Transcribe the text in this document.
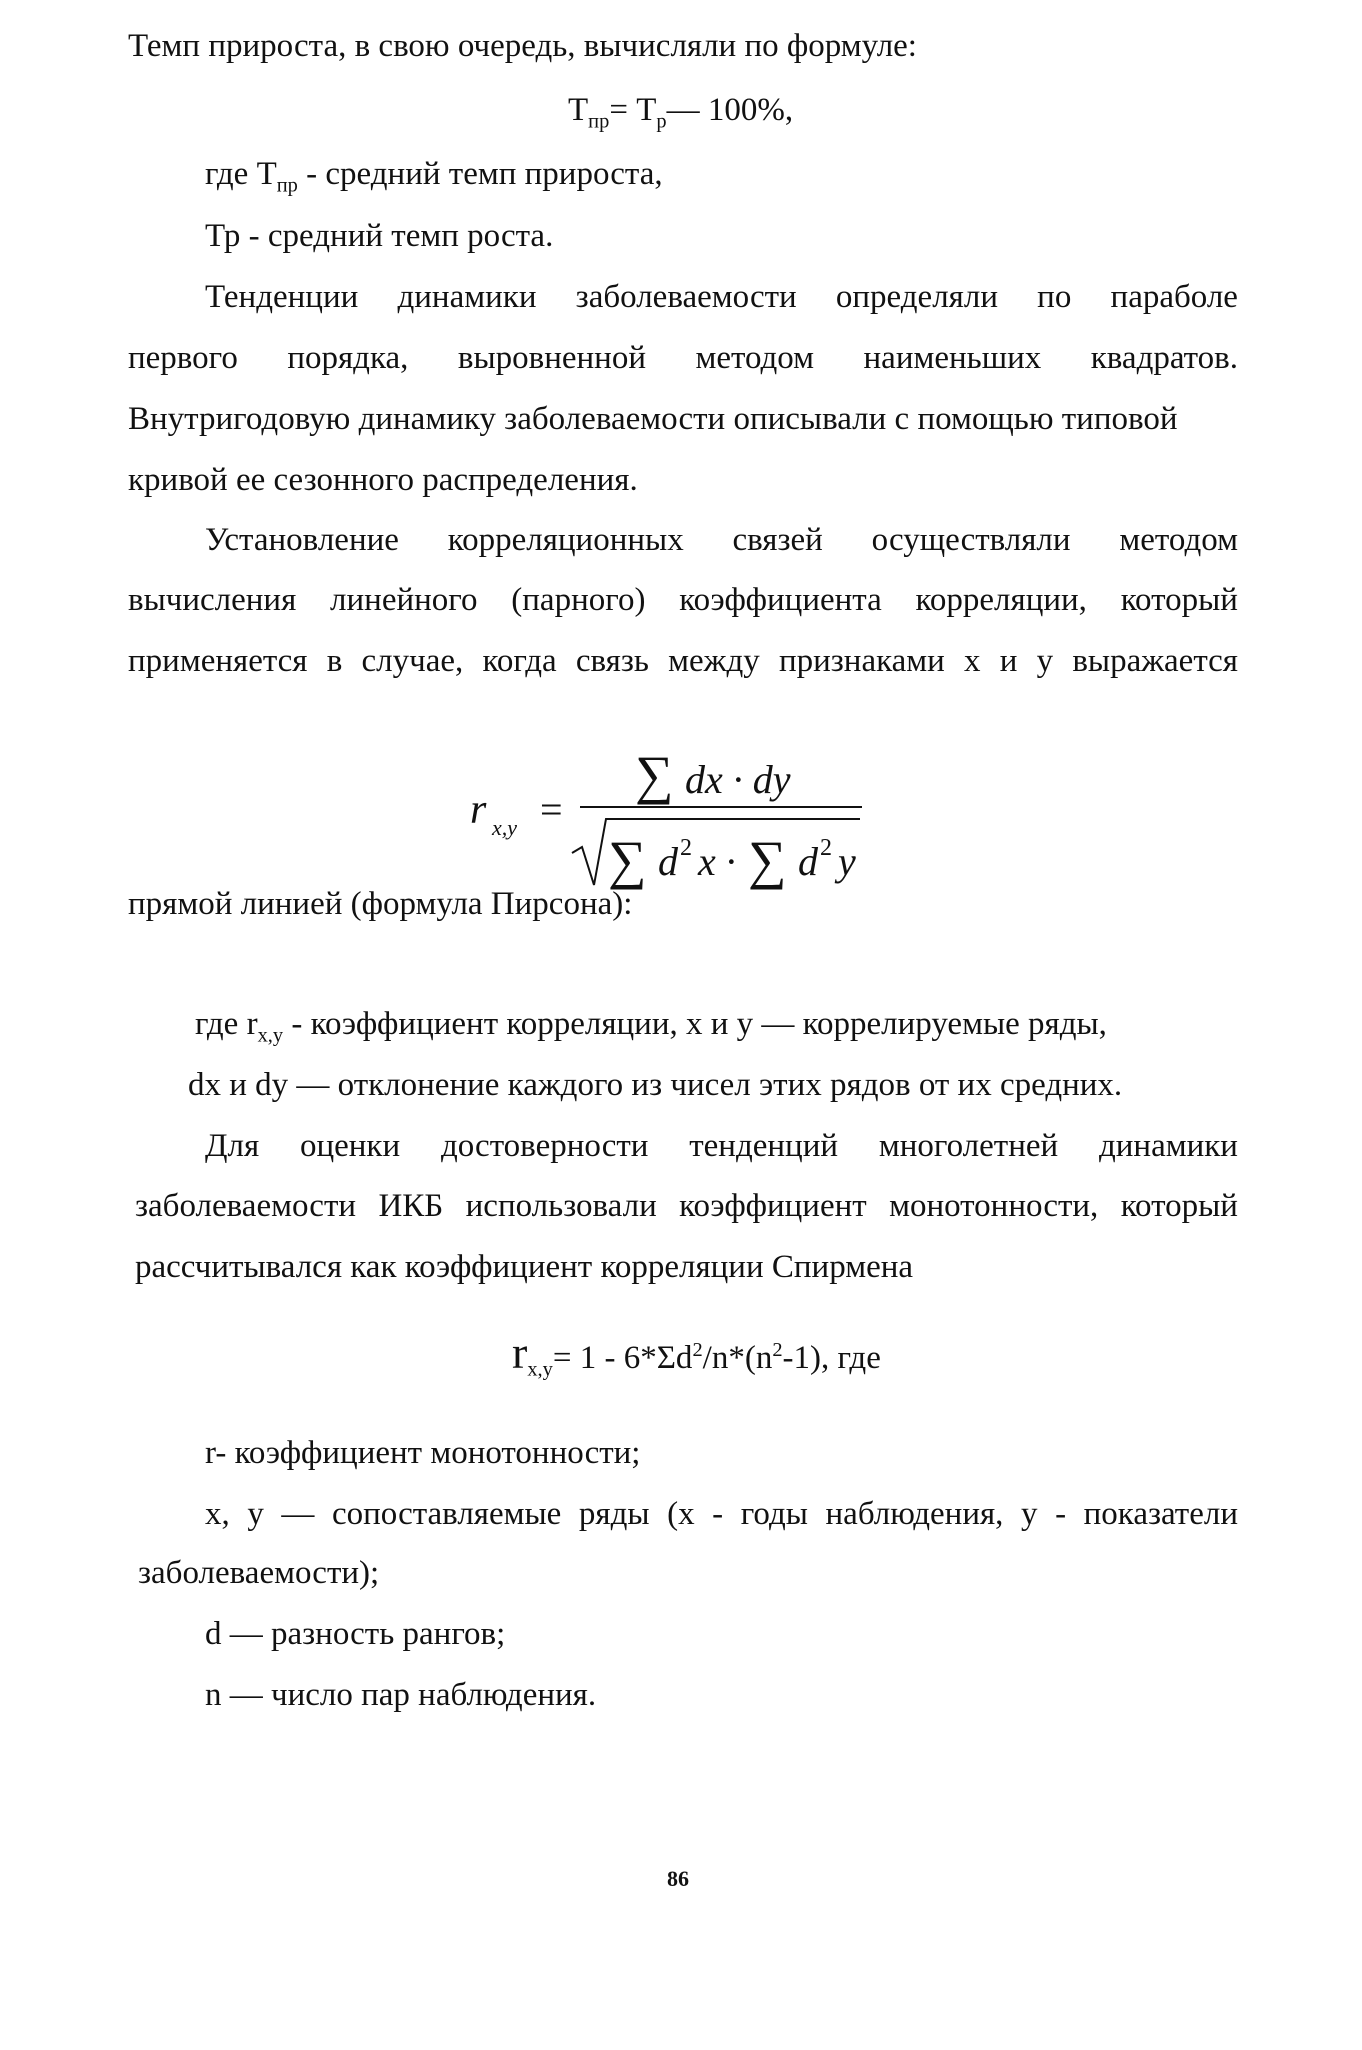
Темп прироста, в свою очередь, вычисляли по формуле:
$Т_{пр}=$ $Т_р—$ 100%,
где $Т_{пр}$ - средний темп прироста,
Тр - средний темп роста.
Тенденции динамики заболеваемости определяли по параболе
первого порядка, выровненной методом наименьших квадратов.
Внутригодовую динамику заболеваемости описывали с помощью типовой
кривой ее сезонного распределения.
Установление корреляционных связей осуществляли методом
вычисления линейного (парного) коэффициента корреляции, который
применяется в случае, когда связь между признаками х и у выражается
r x,y =
∑ dx · dy
∑ d 2 x · ∑ d 2 y
прямой линией (формула Пирсона):
где $r_{x,y}$ - коэффициент корреляции, х и у — коррелируемые ряды,
dx и dy — отклонение каждого из чисел этих рядов от их средних.
Для оценки достоверности тенденций многолетней динамики
заболеваемости ИКБ использовали коэффициент монотонности, который
рассчитывался как коэффициент корреляции Спирмена
$r_{x,y}= 1 - 6*\Sigma d^2/n*(n^2-1)$, где
r- коэффициент монотонности;
х, у — сопоставляемые ряды (х - годы наблюдения, у - показатели
заболеваемости);
d — разность рангов;
n — число пар наблюдения.
86
